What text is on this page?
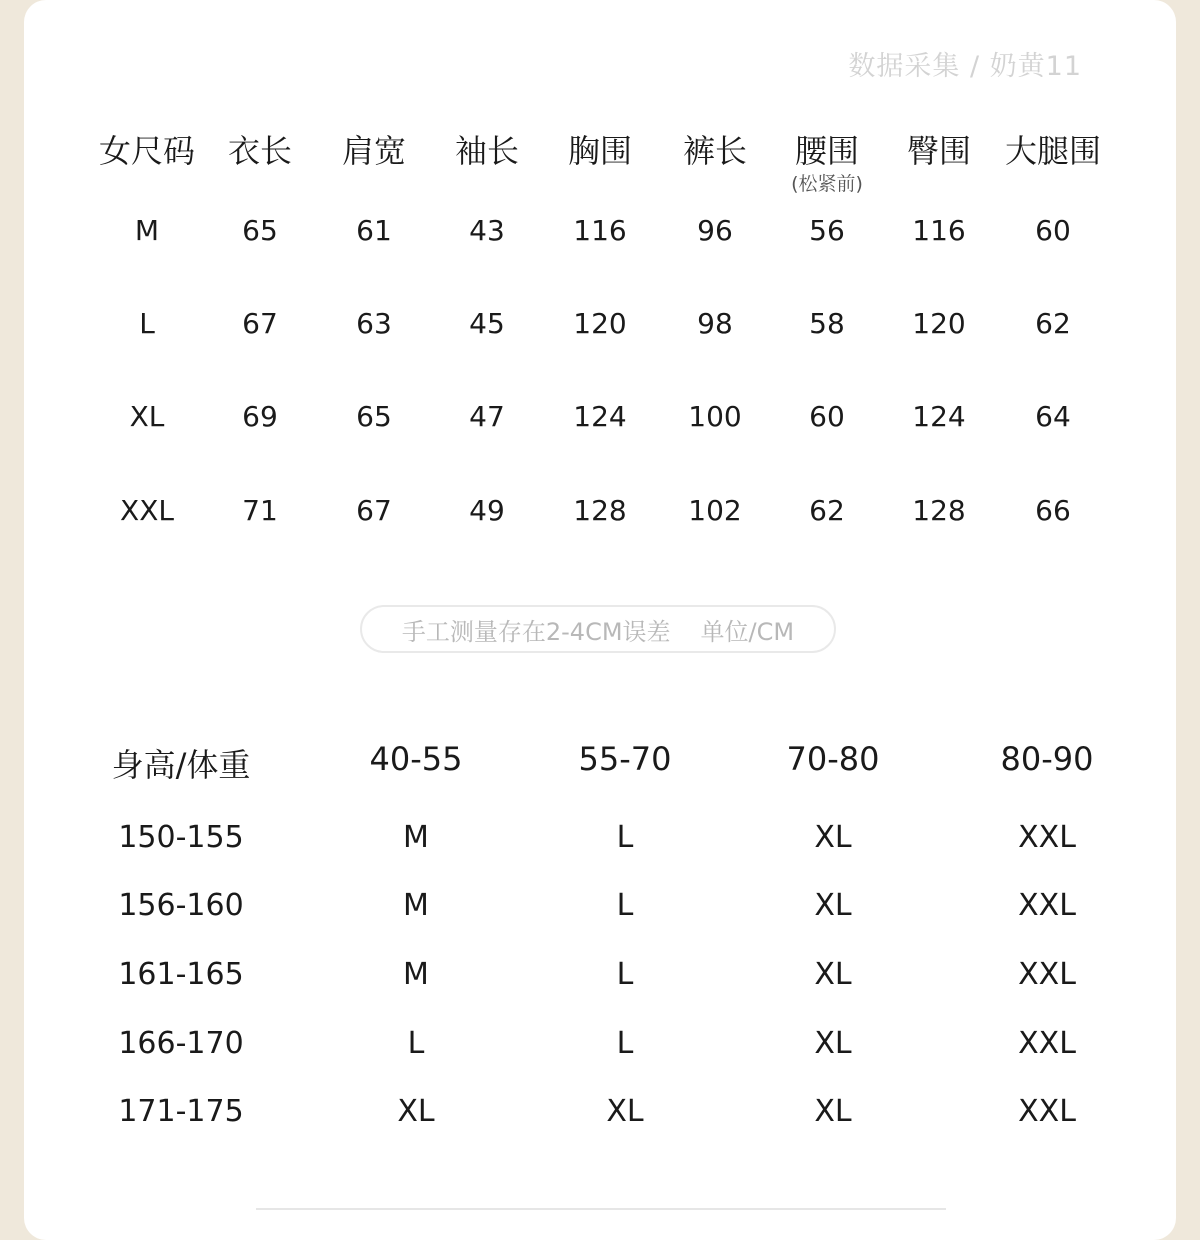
数据采集 / 奶黄11
女尺码 衣长 肩宽 袖长 胸围 裤长 腰围 臀围 大腿围
(松紧前)
M	65	61	43 116	96	56 116 60
L	67	63	45 120	98	58 120 62
XL	69	65	47 124 100 60 124 64
XXL 71	67	49 128 102 62 128 66
手工测量存在2-4CM误差 单位/CM
身高/体重	40-55	55-70	70-80	80-90
150-155	M	L	XL	XXL
156-160	M	L	XL	XXL
161-165	M	L	XL	XXL
166-170	L	L	XL	XXL
171-175	XL	XL	XL	XXL
